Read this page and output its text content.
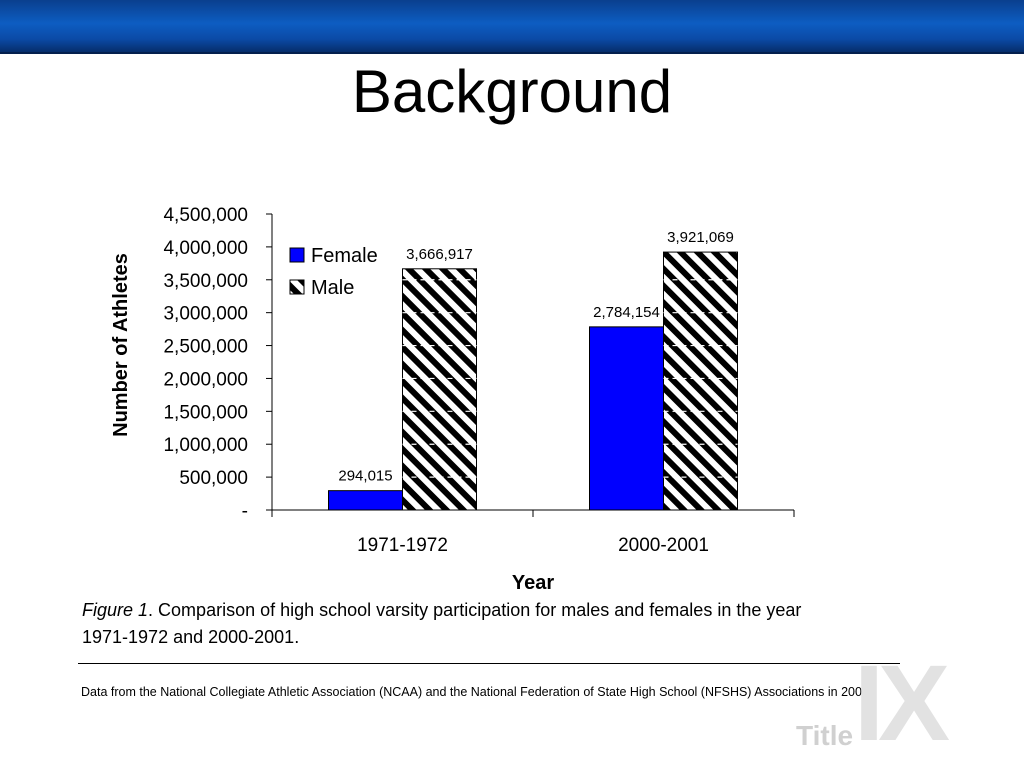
Background
-
500,000
1,000,000
1,500,000
2,000,000
2,500,000
3,000,000
3,500,000
4,000,000
4,500,000
294,015
3,666,917
1971-1972
2,784,154
3,921,069
2000-2001
Year
Number of Athletes	Female
Male
Figure 1. Comparison of high school varsity participation for males and females in the year 1971-1972 and 2000-2001.
Data from the National Collegiate Athletic Association (NCAA) and the National Federation of State High School (NFSHS) Associations in 2000.
IX
Title
